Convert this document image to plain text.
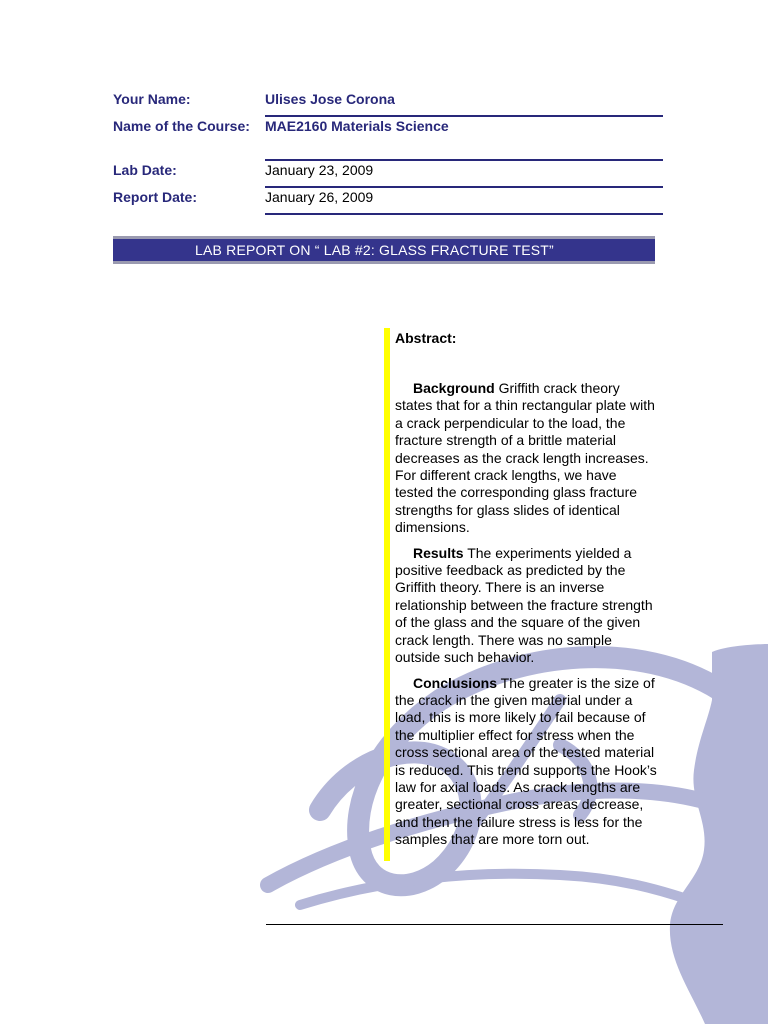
Your Name:	Ulises Jose Corona
Name of the Course:	MAE2160 Materials Science
Lab Date:	January 23, 2009
Report Date:	January 26, 2009
LAB REPORT ON “ LAB #2: GLASS FRACTURE TEST”
Abstract:

Background Griffith crack theory states that for a thin rectangular plate with a crack perpendicular to the load, the fracture strength of a brittle material decreases as the crack length increases. For different crack lengths, we have tested the corresponding glass fracture strengths for glass slides of identical dimensions.

Results The experiments yielded a positive feedback as predicted by the Griffith theory. There is an inverse relationship between the fracture strength of the glass and the square of the given crack length. There was no sample outside such behavior.

Conclusions The greater is the size of the crack in the given material under a load, this is more likely to fail because of the multiplier effect for stress when the cross sectional area of the tested material is reduced. This trend supports the Hook’s law for axial loads. As crack lengths are greater, sectional cross areas decrease, and then the failure stress is less for the samples that are more torn out.
